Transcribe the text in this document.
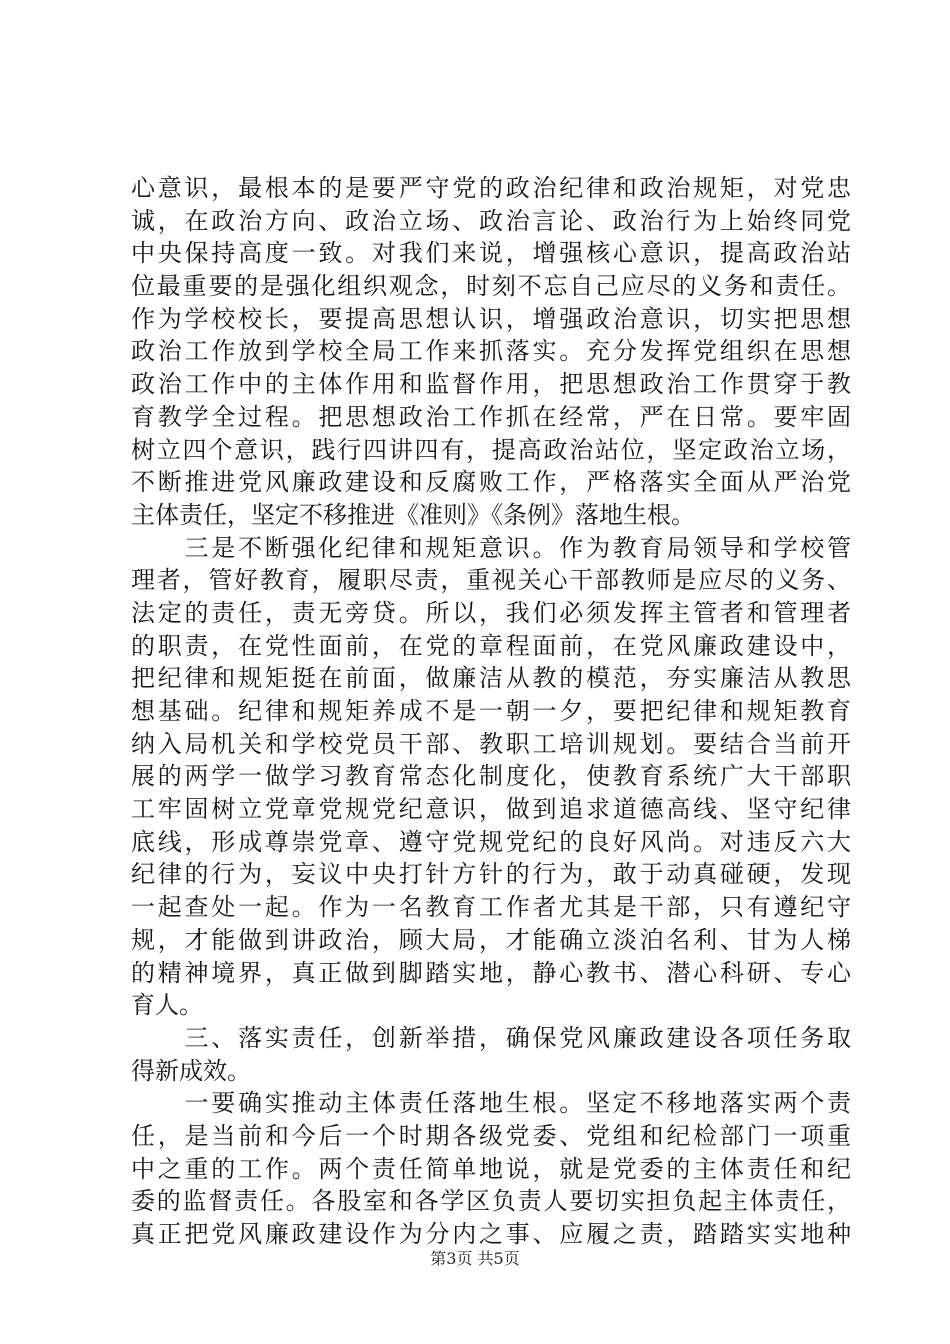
心意识，最根本的是要严守党的政治纪律和政治规矩，对党忠
诚，在政治方向、政治立场、政治言论、政治行为上始终同党
中央保持高度一致。对我们来说，增强核心意识，提高政治站
位最重要的是强化组织观念，时刻不忘自己应尽的义务和责任。
作为学校校长，要提高思想认识，增强政治意识，切实把思想
政治工作放到学校全局工作来抓落实。充分发挥党组织在思想
政治工作中的主体作用和监督作用，把思想政治工作贯穿于教
育教学全过程。把思想政治工作抓在经常，严在日常。要牢固
树立四个意识，践行四讲四有，提高政治站位，坚定政治立场，
不断推进党风廉政建设和反腐败工作，严格落实全面从严治党
主体责任，坚定不移推进《准则》《条例》落地生根。
　　三是不断强化纪律和规矩意识。作为教育局领导和学校管
理者，管好教育，履职尽责，重视关心干部教师是应尽的义务、
法定的责任，责无旁贷。所以，我们必须发挥主管者和管理者
的职责，在党性面前，在党的章程面前，在党风廉政建设中，
把纪律和规矩挺在前面，做廉洁从教的模范，夯实廉洁从教思
想基础。纪律和规矩养成不是一朝一夕，要把纪律和规矩教育
纳入局机关和学校党员干部、教职工培训规划。要结合当前开
展的两学一做学习教育常态化制度化，使教育系统广大干部职
工牢固树立党章党规党纪意识，做到追求道德高线、坚守纪律
底线，形成尊崇党章、遵守党规党纪的良好风尚。对违反六大
纪律的行为，妄议中央打针方针的行为，敢于动真碰硬，发现
一起查处一起。作为一名教育工作者尤其是干部，只有遵纪守
规，才能做到讲政治，顾大局，才能确立淡泊名利、甘为人梯
的精神境界，真正做到脚踏实地，静心教书、潜心科研、专心
育人。
　　三、落实责任，创新举措，确保党风廉政建设各项任务取
得新成效。
　　一要确实推动主体责任落地生根。坚定不移地落实两个责
任，是当前和今后一个时期各级党委、党组和纪检部门一项重
中之重的工作。两个责任简单地说，就是党委的主体责任和纪
委的监督责任。各股室和各学区负责人要切实担负起主体责任，
真正把党风廉政建设作为分内之事、应履之责，踏踏实实地种
第3页 共5页
